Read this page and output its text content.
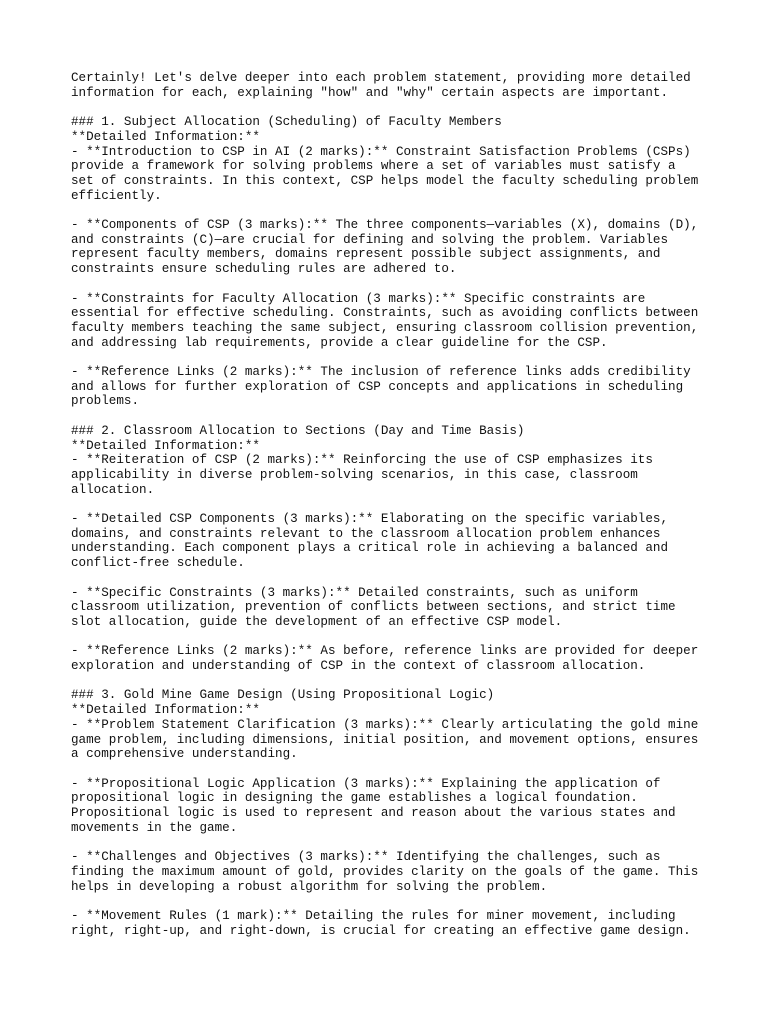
Certainly! Let's delve deeper into each problem statement, providing more detailed
information for each, explaining "how" and "why" certain aspects are important.
### 1. Subject Allocation (Scheduling) of Faculty Members
**Detailed Information:**
- **Introduction to CSP in AI (2 marks):** Constraint Satisfaction Problems (CSPs)
provide a framework for solving problems where a set of variables must satisfy a
set of constraints. In this context, CSP helps model the faculty scheduling problem
efficiently.
- **Components of CSP (3 marks):** The three components—variables (X), domains (D),
and constraints (C)—are crucial for defining and solving the problem. Variables
represent faculty members, domains represent possible subject assignments, and
constraints ensure scheduling rules are adhered to.
- **Constraints for Faculty Allocation (3 marks):** Specific constraints are
essential for effective scheduling. Constraints, such as avoiding conflicts between
faculty members teaching the same subject, ensuring classroom collision prevention,
and addressing lab requirements, provide a clear guideline for the CSP.
- **Reference Links (2 marks):** The inclusion of reference links adds credibility
and allows for further exploration of CSP concepts and applications in scheduling
problems.
### 2. Classroom Allocation to Sections (Day and Time Basis)
**Detailed Information:**
- **Reiteration of CSP (2 marks):** Reinforcing the use of CSP emphasizes its
applicability in diverse problem-solving scenarios, in this case, classroom
allocation.
- **Detailed CSP Components (3 marks):** Elaborating on the specific variables,
domains, and constraints relevant to the classroom allocation problem enhances
understanding. Each component plays a critical role in achieving a balanced and
conflict-free schedule.
- **Specific Constraints (3 marks):** Detailed constraints, such as uniform
classroom utilization, prevention of conflicts between sections, and strict time
slot allocation, guide the development of an effective CSP model.
- **Reference Links (2 marks):** As before, reference links are provided for deeper
exploration and understanding of CSP in the context of classroom allocation.
### 3. Gold Mine Game Design (Using Propositional Logic)
**Detailed Information:**
- **Problem Statement Clarification (3 marks):** Clearly articulating the gold mine
game problem, including dimensions, initial position, and movement options, ensures
a comprehensive understanding.
- **Propositional Logic Application (3 marks):** Explaining the application of
propositional logic in designing the game establishes a logical foundation.
Propositional logic is used to represent and reason about the various states and
movements in the game.
- **Challenges and Objectives (3 marks):** Identifying the challenges, such as
finding the maximum amount of gold, provides clarity on the goals of the game. This
helps in developing a robust algorithm for solving the problem.
- **Movement Rules (1 mark):** Detailing the rules for miner movement, including
right, right-up, and right-down, is crucial for creating an effective game design.
